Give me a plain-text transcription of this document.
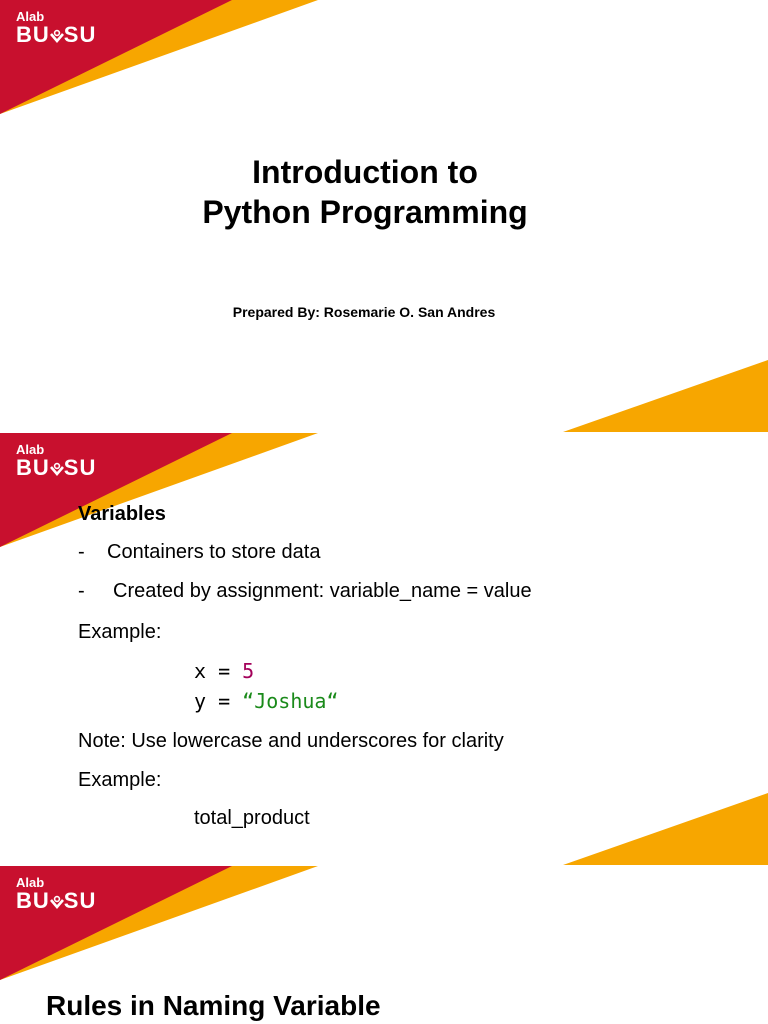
Alab
BU SU
Introduction to
Python Programming
Prepared By: Rosemarie O. San Andres
Alab
BU SU
Variables
- Containers to store data
- Created by assignment: variable_name = value
Example:
x = 5
y = “Joshua“
Note: Use lowercase and underscores for clarity
Example:
total_product
Alab
BU SU
Rules in Naming Variable
